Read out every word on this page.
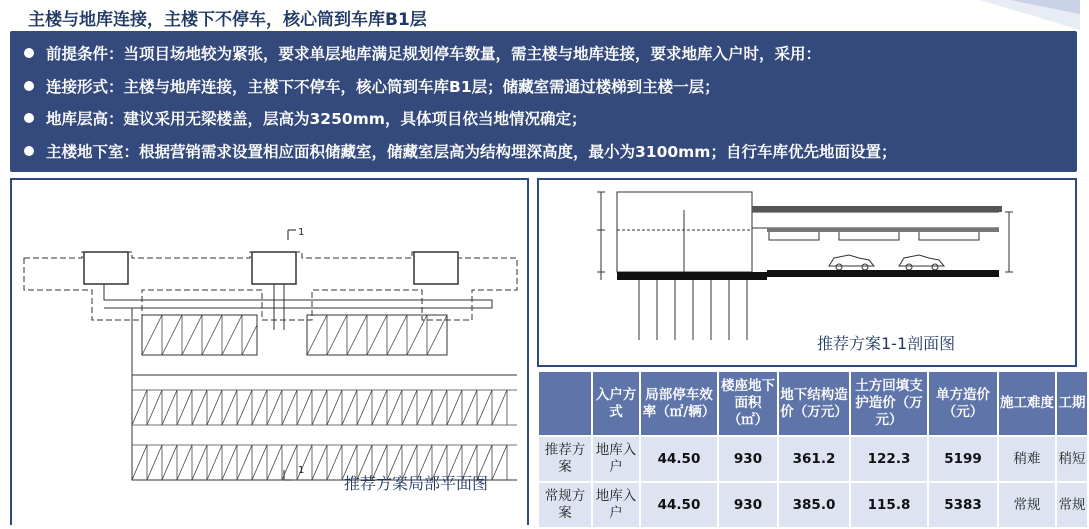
主楼与地库连接，主楼下不停车，核心筒到车库B1层
前提条件：当项目场地较为紧张，要求单层地库满足规划停车数量，需主楼与地库连接，要求地库入户时，采用：
连接形式：主楼与地库连接，主楼下不停车，核心筒到车库B1层；储藏室需通过楼梯到主楼一层；
地库层高：建议采用无梁楼盖，层高为3250mm，具体项目依当地情况确定；
主楼地下室：根据营销需求设置相应面积储藏室，储藏室层高为结构埋深高度，最小为3100mm；自行车库优先地面设置；
1
1
推荐方案局部平面图
推荐方案1-1剖面图
	入户方式	局部停车效率（㎡/辆）	楼座地下面积（㎡）	地下结构造价（万元）	土方回填支护造价（万元）	单方造价（元）	施工难度	工期
推荐方案	地库入户	44.50	930	361.2	122.3	5199	稍难	稍短
常规方案	地库入户	44.50	930	385.0	115.8	5383	常规	常规
